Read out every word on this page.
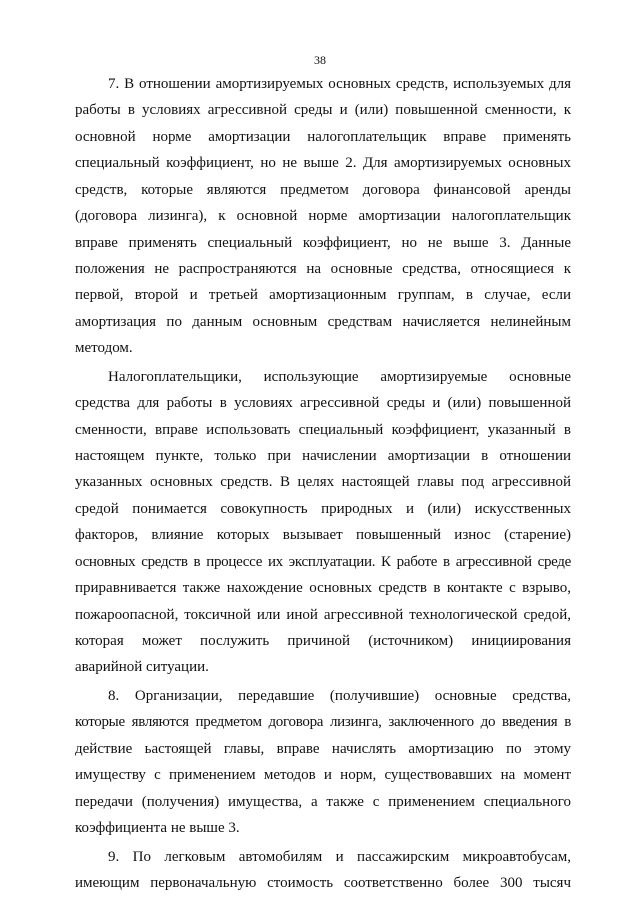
38
7. В отношении амортизируемых основных средств, используемых для
работы в условиях агрессивной среды и (или) повышенной сменности, к
основной норме амортизации налогоплательщик вправе применять
специальный коэффициент, но не выше 2. Для амортизируемых основных
средств, которые являются предметом договора финансовой аренды
(договора лизинга), к основной норме амортизации налогоплательщик
вправе применять специальный коэффициент, но не выше 3. Данные
положения не распространяются на основные средства, относящиеся к
первой, второй и третьей амортизационным группам, в случае, если
амортизация по данным основным средствам начисляется нелинейным
методом.
Налогоплательщики, использующие амортизируемые основные
средства для работы в условиях агрессивной среды и (или) повышенной
сменности, вправе использовать специальный коэффициент, указанный в
настоящем пункте, только при начислении амортизации в отношении
указанных основных средств. В целях настоящей главы под агрессивной
средой понимается совокупность природных и (или) искусственных
факторов, влияние которых вызывает повышенный износ (старение)
основных средств в процессе их эксплуатации. К работе в агрессивной среде
приравнивается также нахождение основных средств в контакте с взрыво,
пожароопасной, токсичной или иной агрессивной технологической средой,
которая может послужить причиной (источником) инициирования
аварийной ситуации.
8. Организации, передавшие (получившие) основные средства,
которые являются предметом договора лизинга, заключенного до введения в
действие ьастоящей главы, вправе начислять амортизацию по этому
имуществу с применением методов и норм, существовавших на момент
передачи (получения) имущества, а также с применением специального
коэффициента не выше 3.
9. По легковым автомобилям и пассажирским микроавтобусам,
имеющим первоначальную стоимость соответственно более 300 тысяч
